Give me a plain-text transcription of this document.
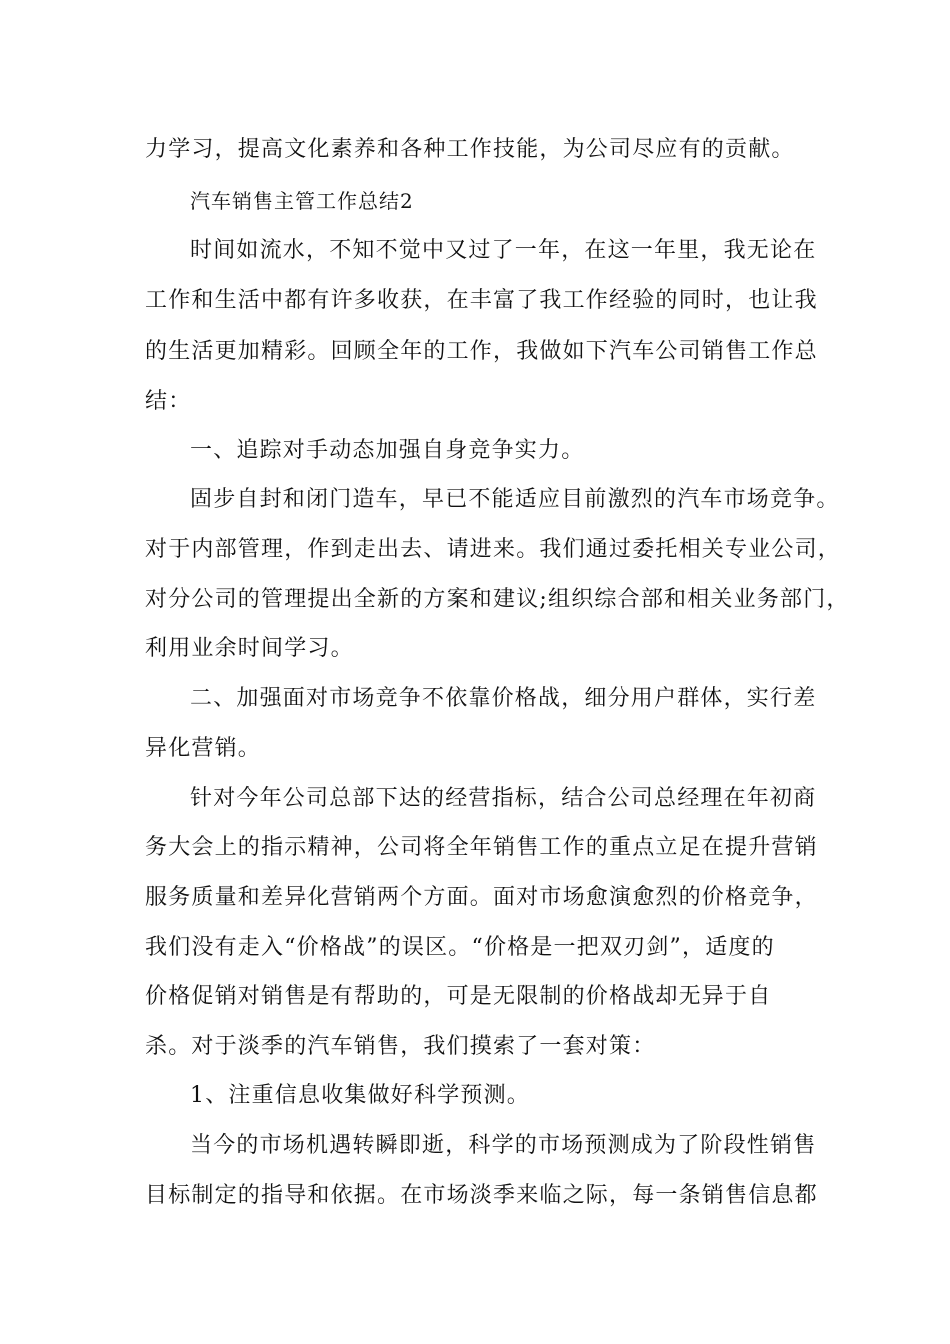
力学习，提高文化素养和各种工作技能，为公司尽应有的贡献。
汽车销售主管工作总结2
时间如流水，不知不觉中又过了一年，在这一年里，我无论在
工作和生活中都有许多收获，在丰富了我工作经验的同时，也让我
的生活更加精彩。回顾全年的工作，我做如下汽车公司销售工作总
结：
一、追踪对手动态加强自身竞争实力。
固步自封和闭门造车，早已不能适应目前激烈的汽车市场竞争。
对于内部管理，作到走出去、请进来。我们通过委托相关专业公司，
对分公司的管理提出全新的方案和建议;组织综合部和相关业务部门，
利用业余时间学习。
二、加强面对市场竞争不依靠价格战，细分用户群体，实行差
异化营销。
针对今年公司总部下达的经营指标，结合公司总经理在年初商
务大会上的指示精神，公司将全年销售工作的重点立足在提升营销
服务质量和差异化营销两个方面。面对市场愈演愈烈的价格竞争，
我们没有走入“价格战”的误区。“价格是一把双刃剑”，适度的
价格促销对销售是有帮助的，可是无限制的价格战却无异于自
杀。对于淡季的汽车销售，我们摸索了一套对策：
1、注重信息收集做好科学预测。
当今的市场机遇转瞬即逝，科学的市场预测成为了阶段性销售
目标制定的指导和依据。在市场淡季来临之际，每一条销售信息都
